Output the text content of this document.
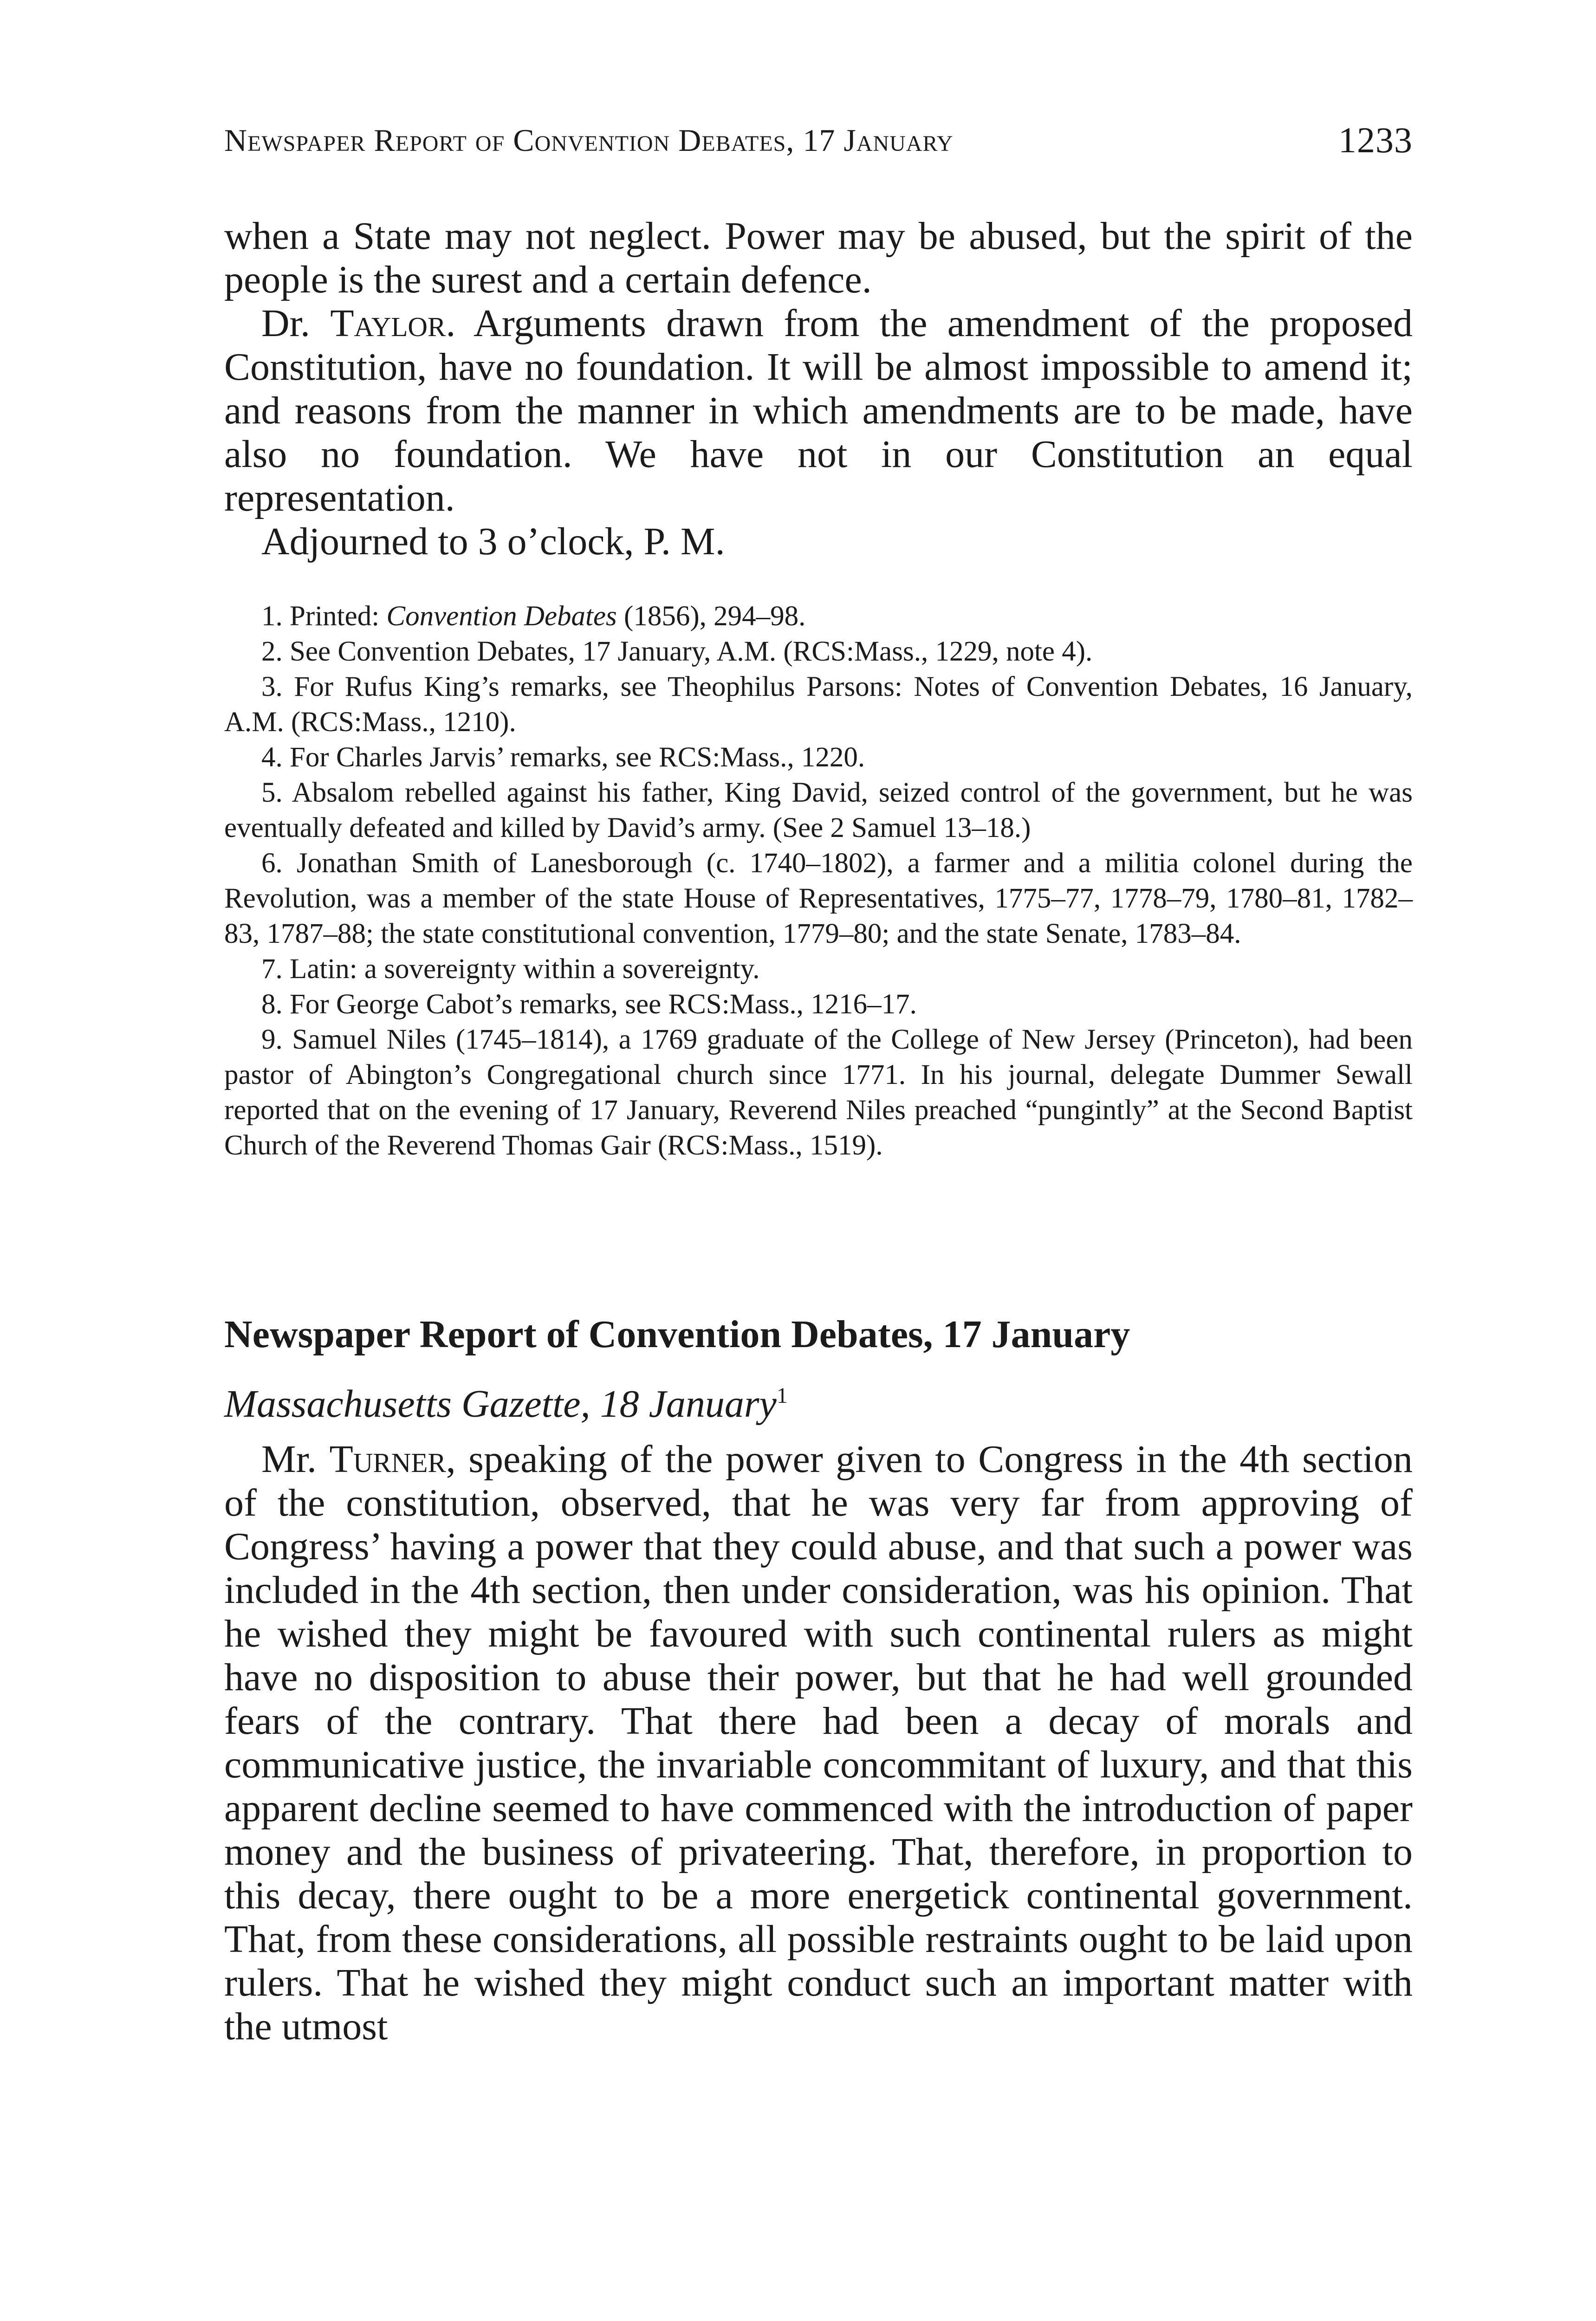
Newspaper Report of Convention Debates, 17 January	1233

when a State may not neglect. Power may be abused, but the spirit of the people is the surest and a certain defence.

Dr. Taylor. Arguments drawn from the amendment of the proposed Constitution, have no foundation. It will be almost impossible to amend it; and reasons from the manner in which amendments are to be made, have also no foundation. We have not in our Constitution an equal representation.

Adjourned to 3 o’clock, P. M.

1. Printed: Convention Debates (1856), 294–98.

2. See Convention Debates, 17 January, A.M. (RCS:Mass., 1229, note 4).

3. For Rufus King’s remarks, see Theophilus Parsons: Notes of Convention Debates, 16 January, A.M. (RCS:Mass., 1210).

4. For Charles Jarvis’ remarks, see RCS:Mass., 1220.

5. Absalom rebelled against his father, King David, seized control of the government, but he was eventually defeated and killed by David’s army. (See 2 Samuel 13–18.)

6. Jonathan Smith of Lanesborough (c. 1740–1802), a farmer and a militia colonel during the Revolution, was a member of the state House of Representatives, 1775–77, 1778–79, 1780–81, 1782–83, 1787–88; the state constitutional convention, 1779–80; and the state Senate, 1783–84.

7. Latin: a sovereignty within a sovereignty.

8. For George Cabot’s remarks, see RCS:Mass., 1216–17.

9. Samuel Niles (1745–1814), a 1769 graduate of the College of New Jersey (Princeton), had been pastor of Abington’s Congregational church since 1771. In his journal, delegate Dummer Sewall reported that on the evening of 17 January, Reverend Niles preached “pungintly” at the Second Baptist Church of the Reverend Thomas Gair (RCS:Mass., 1519).

Newspaper Report of Convention Debates, 17 January
Massachusetts Gazette, 18 January$^1$

Mr. Turner, speaking of the power given to Congress in the 4th section of the constitution, observed, that he was very far from approving of Congress’ having a power that they could abuse, and that such a power was included in the 4th section, then under consideration, was his opinion. That he wished they might be favoured with such continental rulers as might have no disposition to abuse their power, but that he had well grounded fears of the contrary. That there had been a decay of morals and communicative justice, the invariable concommitant of luxury, and that this apparent decline seemed to have commenced with the introduction of paper money and the business of privateering. That, therefore, in proportion to this decay, there ought to be a more energetick continental government. That, from these considerations, all possible restraints ought to be laid upon rulers. That he wished they might conduct such an important matter with the utmost
